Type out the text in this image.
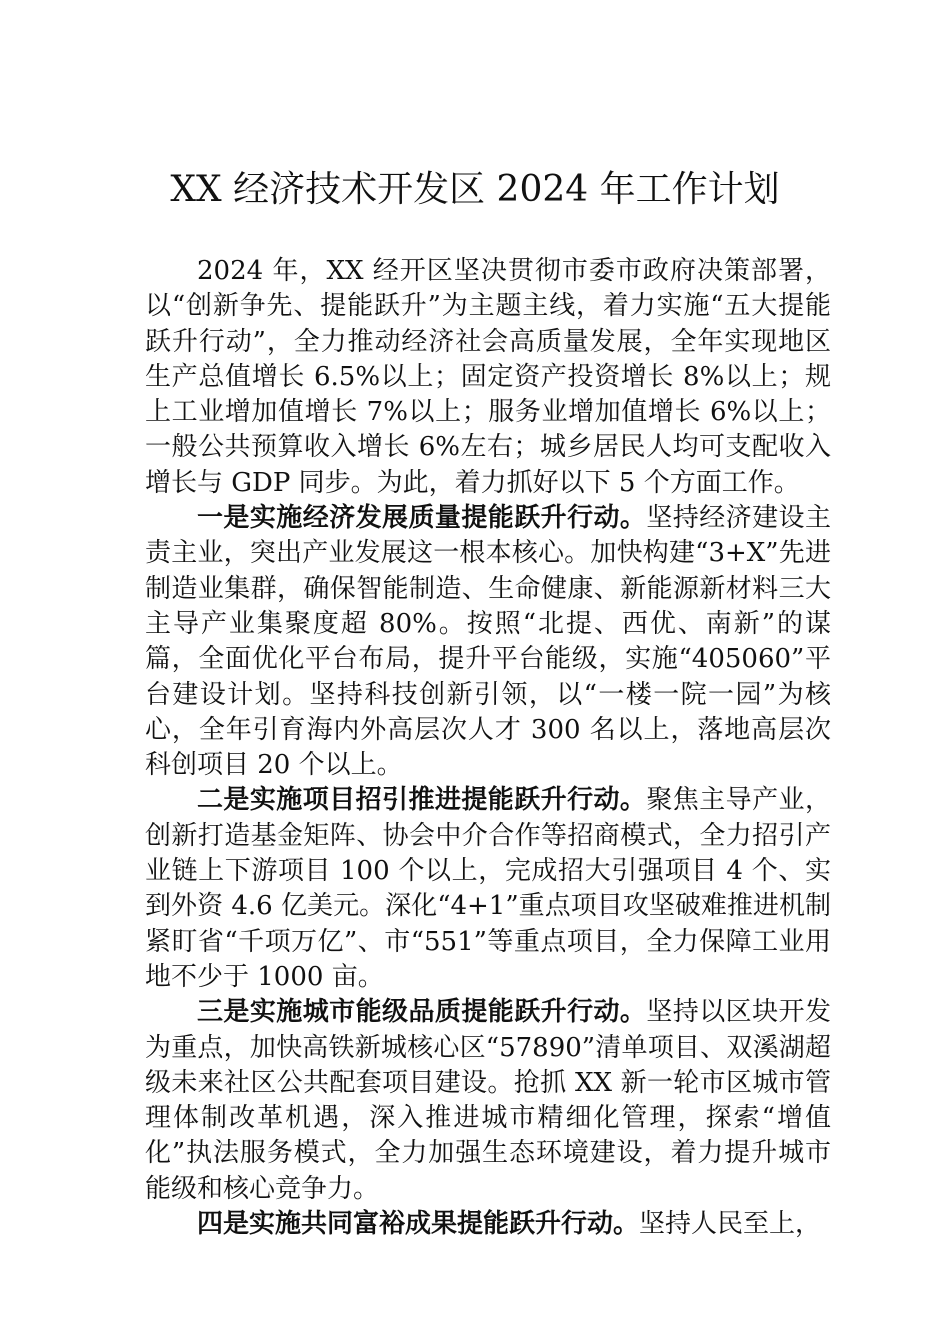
XX 经济技术开发区 2024 年工作计划

2024 年，XX 经开区坚决贯彻市委市政府决策部署，以“创新争先、提能跃升”为主题主线，着力实施“五大提能跃升行动”，全力推动经济社会高质量发展，全年实现地区生产总值增长 6.5%以上；固定资产投资增长 8%以上；规上工业增加值增长 7%以上；服务业增加值增长 6%以上；一般公共预算收入增长 6%左右；城乡居民人均可支配收入增长与 GDP 同步。为此，着力抓好以下 5 个方面工作。

一是实施经济发展质量提能跃升行动。坚持经济建设主责主业，突出产业发展这一根本核心。加快构建“3+X”先进制造业集群，确保智能制造、生命健康、新能源新材料三大主导产业集聚度超 80%。按照“北提、西优、南新”的谋篇，全面优化平台布局，提升平台能级，实施“405060”平台建设计划。坚持科技创新引领，以“一楼一院一园”为核心，全年引育海内外高层次人才 300 名以上，落地高层次科创项目 20 个以上。

二是实施项目招引推进提能跃升行动。聚焦主导产业，创新打造基金矩阵、协会中介合作等招商模式，全力招引产业链上下游项目 100 个以上，完成招大引强项目 4 个、实到外资 4.6 亿美元。深化“4+1”重点项目攻坚破难推进机制紧盯省“千项万亿”、市“551”等重点项目，全力保障工业用地不少于 1000 亩。

三是实施城市能级品质提能跃升行动。坚持以区块开发为重点，加快高铁新城核心区“57890”清单项目、双溪湖超级未来社区公共配套项目建设。抢抓 XX 新一轮市区城市管理体制改革机遇，深入推进城市精细化管理，探索“增值化”执法服务模式，全力加强生态环境建设，着力提升城市能级和核心竞争力。

四是实施共同富裕成果提能跃升行动。坚持人民至上，
